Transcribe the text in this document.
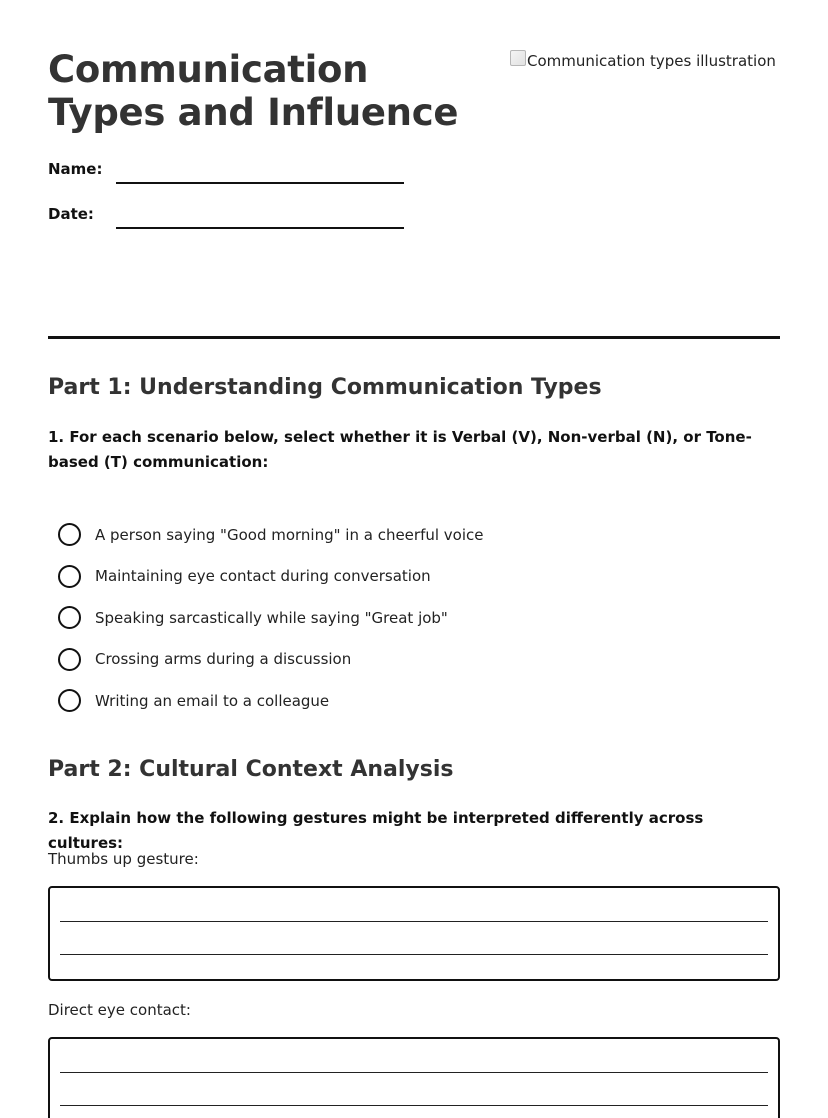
Communication Types and Influence
Communication types illustration
Name:
Date:
Part 1: Understanding Communication Types

1. For each scenario below, select whether it is Verbal (V), Non-verbal (N), or Tone-based (T) communication:

A person saying "Good morning" in a cheerful voice
Maintaining eye contact during conversation
Speaking sarcastically while saying "Great job"
Crossing arms during a discussion
Writing an email to a colleague
Part 2: Cultural Context Analysis

2. Explain how the following gestures might be interpreted differently across cultures:

Thumbs up gesture:

Direct eye contact:
